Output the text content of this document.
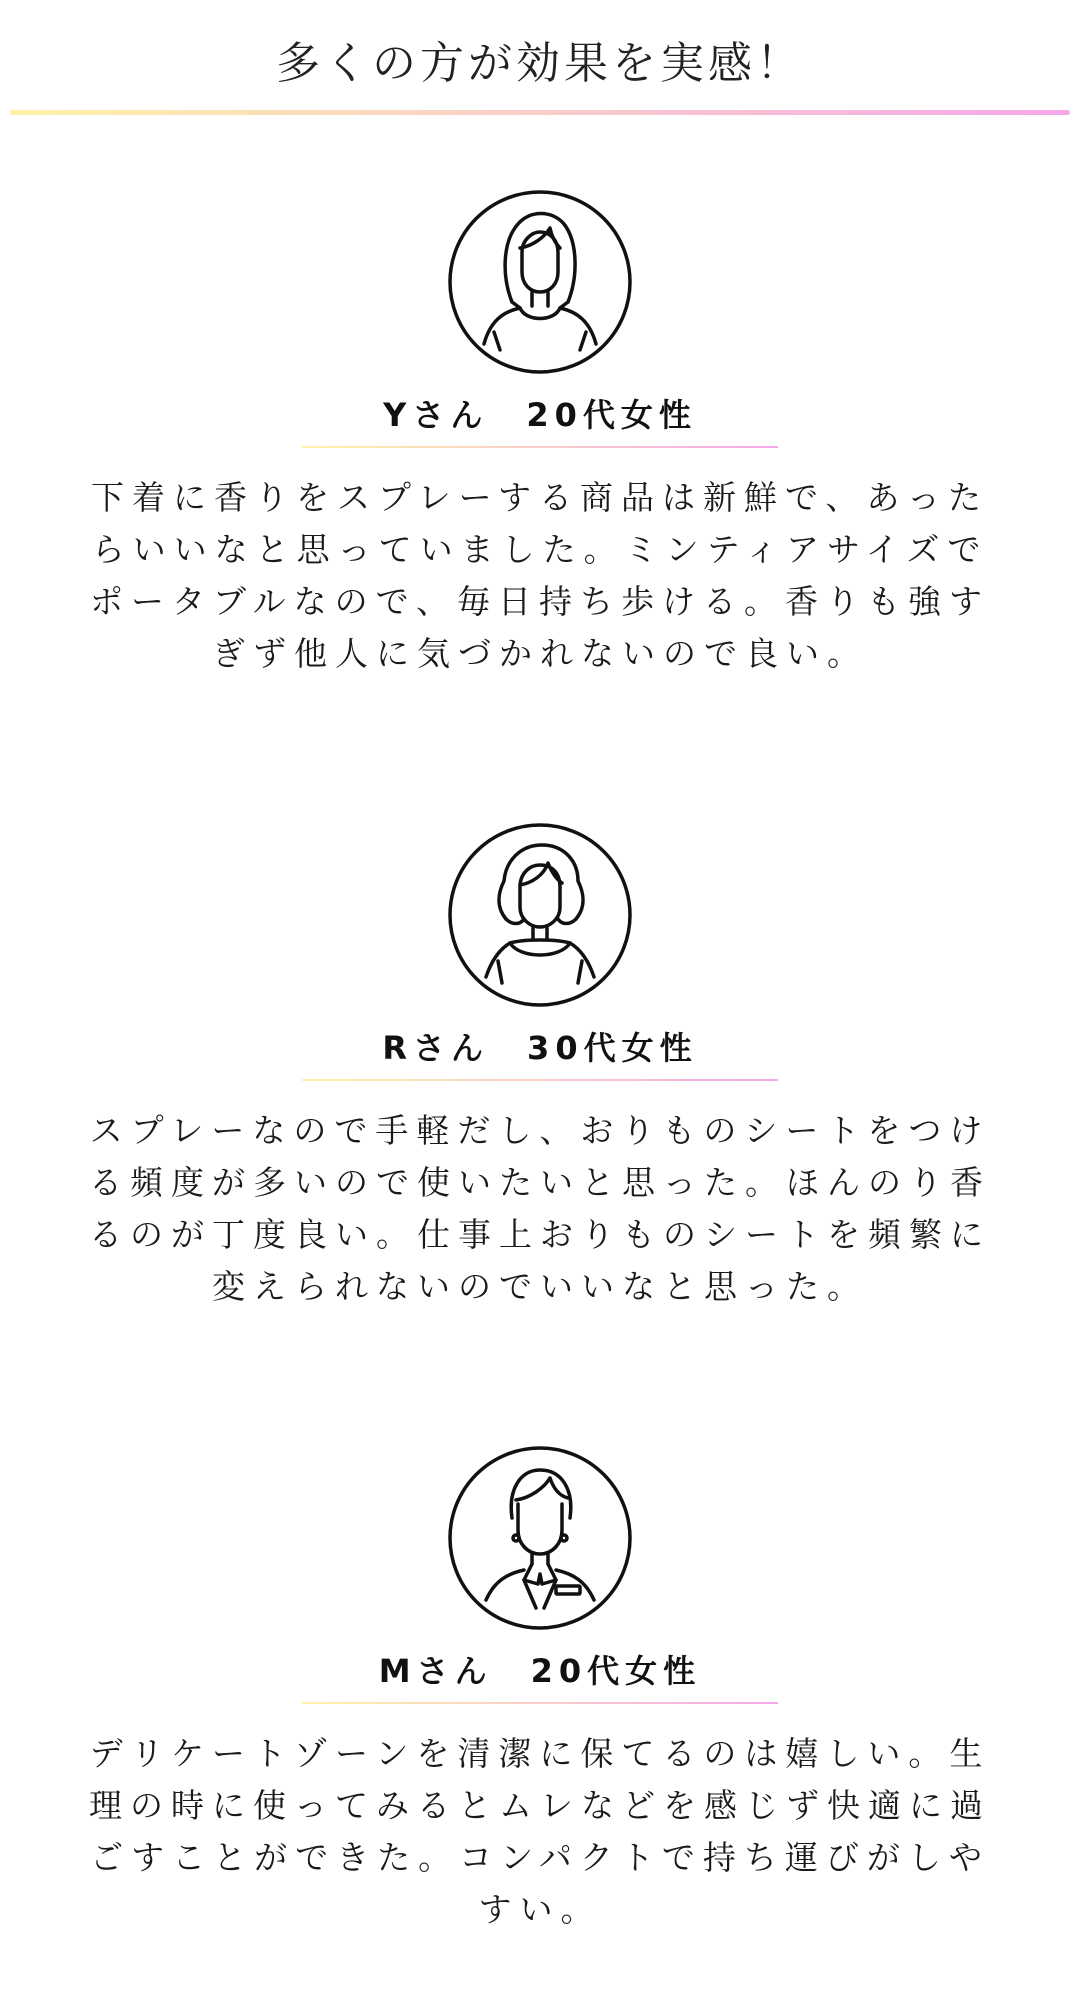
多くの方が効果を実感！
Yさん　20代女性

下着に香りをスプレーする商品は新鮮で、あった
らいいなと思っていました。ミンティアサイズで
ポータブルなので、毎日持ち歩ける。香りも強す
ぎず他人に気づかれないので良い。

Rさん　30代女性

スプレーなので手軽だし、おりものシートをつけ
る頻度が多いので使いたいと思った。ほんのり香
るのが丁度良い。仕事上おりものシートを頻繁に
変えられないのでいいなと思った。

Mさん　20代女性

デリケートゾーンを清潔に保てるのは嬉しい。生
理の時に使ってみるとムレなどを感じず快適に過
ごすことができた。コンパクトで持ち運びがしや
すい。
